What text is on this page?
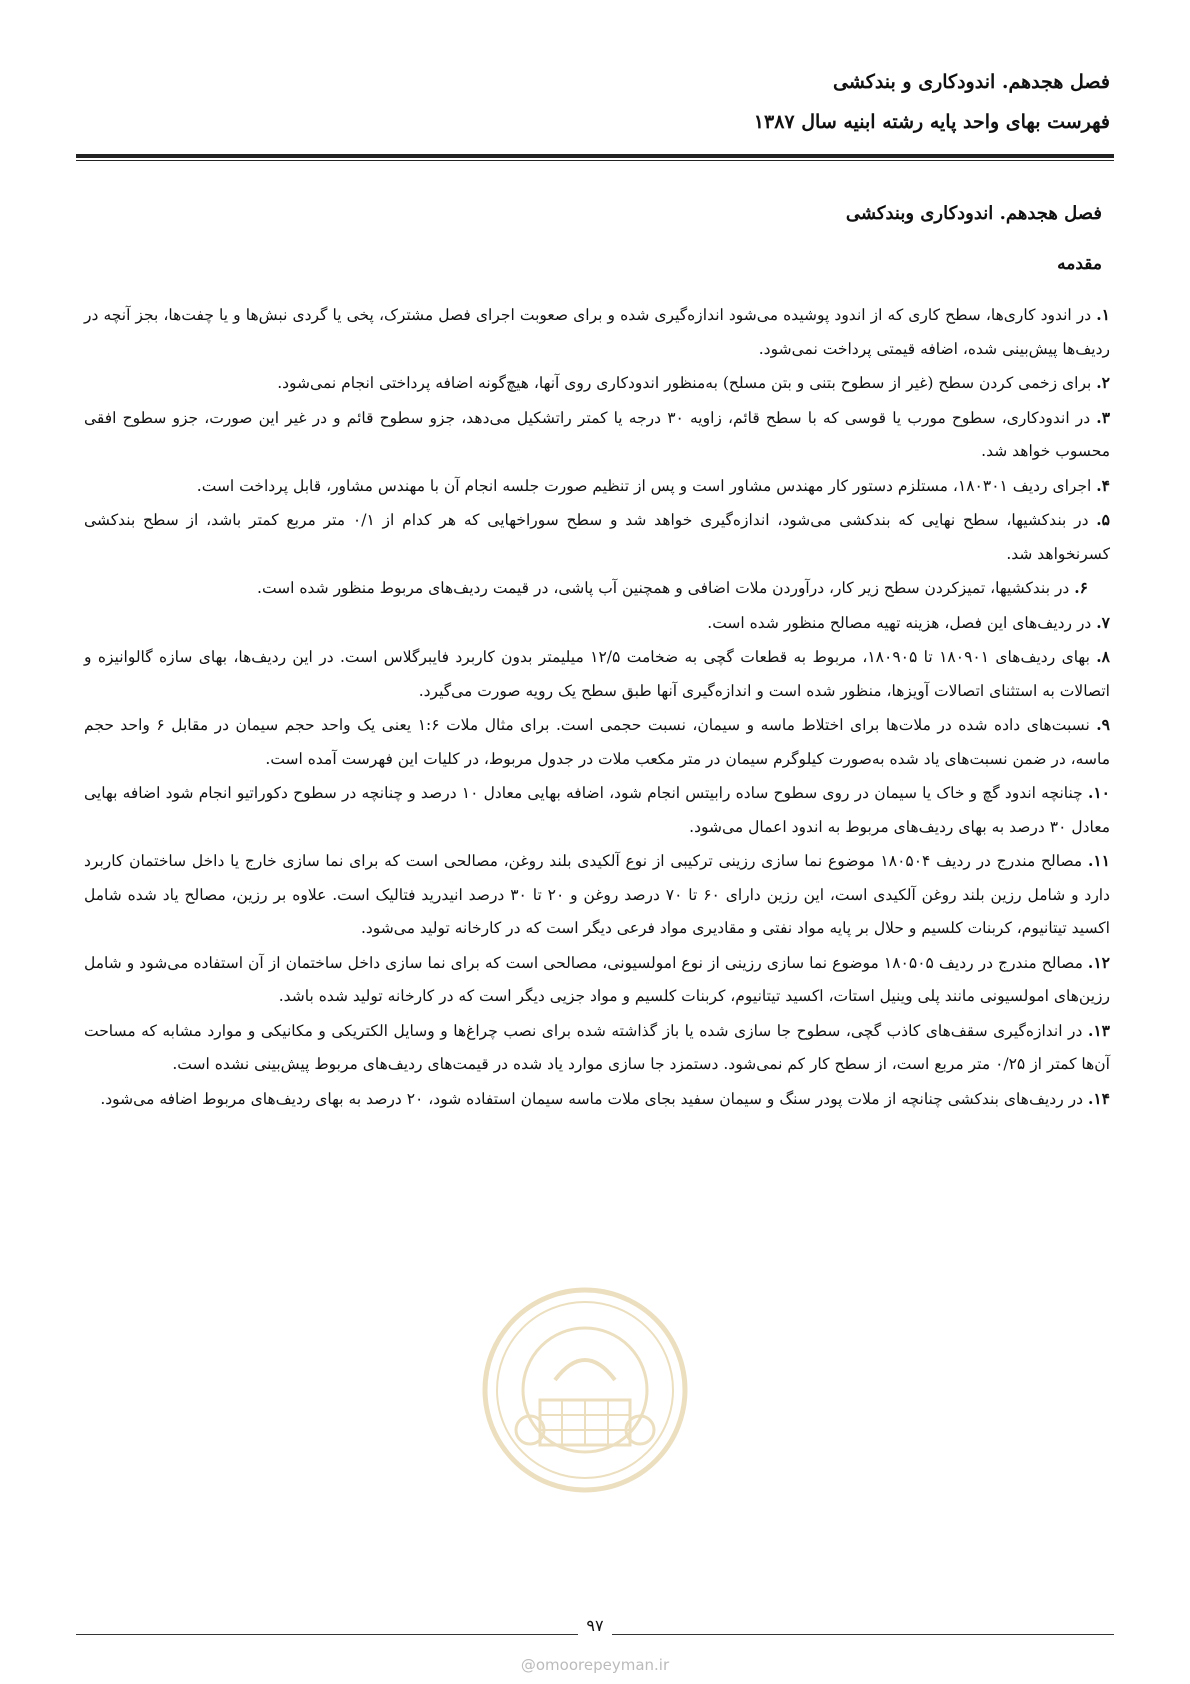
فصل هجدهم. اندودکاری و بندکشی
فهرست بهای واحد پایه رشته ابنیه سال ۱۳۸۷
فصل هجدهم. اندودکاری وبندکشی
مقدمه

۱. در اندود کاری‌ها، سطح کاری که از اندود پوشیده می‌شود اندازه‌گیری شده و برای صعوبت اجرای فصل مشترک، پخی یا گردی نبش‌ها و یا چفت‌ها، بجز آنچه در ردیف‌ها پیش‌بینی شده، اضافه قیمتی پرداخت نمی‌شود.

۲. برای زخمی کردن سطح (غیر از سطوح بتنی و بتن مسلح) به‌منظور اندودکاری روی آنها، هیچ‌گونه اضافه پرداختی انجام نمی‌شود.

۳. در اندودکاری، سطوح مورب یا قوسی که با سطح قائم، زاویه ۳۰ درجه یا کمتر راتشکیل می‌دهد، جزو سطوح قائم و در غیر این صورت، جزو سطوح افقی محسوب خواهد شد.

۴. اجرای ردیف ۱۸۰۳۰۱، مستلزم دستور کار مهندس مشاور است و پس از تنظیم صورت جلسه انجام آن با مهندس مشاور، قابل پرداخت است.

۵. در بندکشیها، سطح نهایی که بندکشی می‌شود، اندازه‌گیری خواهد شد و سطح سوراخهایی که هر کدام از ۰/۱ متر مربع کمتر باشد، از سطح بندکشی کسرنخواهد شد.

۶. در بندکشیها، تمیزکردن سطح زیر کار، درآوردن ملات اضافی و همچنین آب پاشی، در قیمت ردیف‌های مربوط منظور شده است.

۷. در ردیف‌های این فصل، هزینه تهیه مصالح منظور شده است.

۸. بهای ردیف‌های ۱۸۰۹۰۱ تا ۱۸۰۹۰۵، مربوط به قطعات گچی به ضخامت ۱۲/۵ میلیمتر بدون کاربرد فایبرگلاس است. در این ردیف‌ها، بهای سازه گالوانیزه و اتصالات به استثنای اتصالات آویزها، منظور شده است و اندازه‌گیری آنها طبق سطح یک رویه صورت می‌گیرد.

۹. نسبت‌های داده شده در ملات‌ها برای اختلاط ماسه و سیمان، نسبت حجمی است. برای مثال ملات ۱:۶ یعنی یک واحد حجم سیمان در مقابل ۶ واحد حجم ماسه، در ضمن نسبت‌های یاد شده به‌صورت کیلوگرم سیمان در متر مکعب ملات در جدول مربوط، در کلیات این فهرست آمده است.

۱۰. چنانچه اندود گچ و خاک یا سیمان در روی سطوح ساده رابیتس انجام شود، اضافه بهایی معادل ۱۰ درصد و چنانچه در سطوح دکوراتیو انجام شود اضافه بهایی معادل ۳۰ درصد به بهای ردیف‌های مربوط به اندود اعمال می‌شود.

۱۱. مصالح مندرج در ردیف ۱۸۰۵۰۴ موضوع نما سازی رزینی ترکیبی از نوع آلکیدی بلند روغن، مصالحی است که برای نما سازی خارج یا داخل ساختمان کاربرد دارد و شامل رزین بلند روغن آلکیدی است، این رزین دارای ۶۰ تا ۷۰ درصد روغن و ۲۰ تا ۳۰ درصد انیدرید فتالیک است. علاوه بر رزین، مصالح یاد شده شامل اکسید تیتانیوم، کربنات کلسیم و حلال بر پایه مواد نفتی و مقادیری مواد فرعی دیگر است که در کارخانه تولید می‌شود.

۱۲. مصالح مندرج در ردیف ۱۸۰۵۰۵ موضوع نما سازی رزینی از نوع امولسیونی، مصالحی است که برای نما سازی داخل ساختمان از آن استفاده می‌شود و شامل رزین‌های امولسیونی مانند پلی وینیل استات، اکسید تیتانیوم، کربنات کلسیم و مواد جزیی دیگر است که در کارخانه تولید شده باشد.

۱۳. در اندازه‌گیری سقف‌های کاذب گچی، سطوح جا سازی شده یا باز گذاشته شده برای نصب چراغ‌ها و وسایل الکتریکی و مکانیکی و موارد مشابه که مساحت آن‌ها کمتر از ۰/۲۵ متر مربع است، از سطح کار کم نمی‌شود. دستمزد جا سازی موارد یاد شده در قیمت‌های ردیف‌های مربوط پیش‌بینی نشده است.

۱۴. در ردیف‌های بندکشی چنانچه از ملات پودر سنگ و سیمان سفید بجای ملات ماسه سیمان استفاده شود، ۲۰ درصد به بهای ردیف‌های مربوط اضافه می‌شود.

۹۷
@omoorepeyman.ir
